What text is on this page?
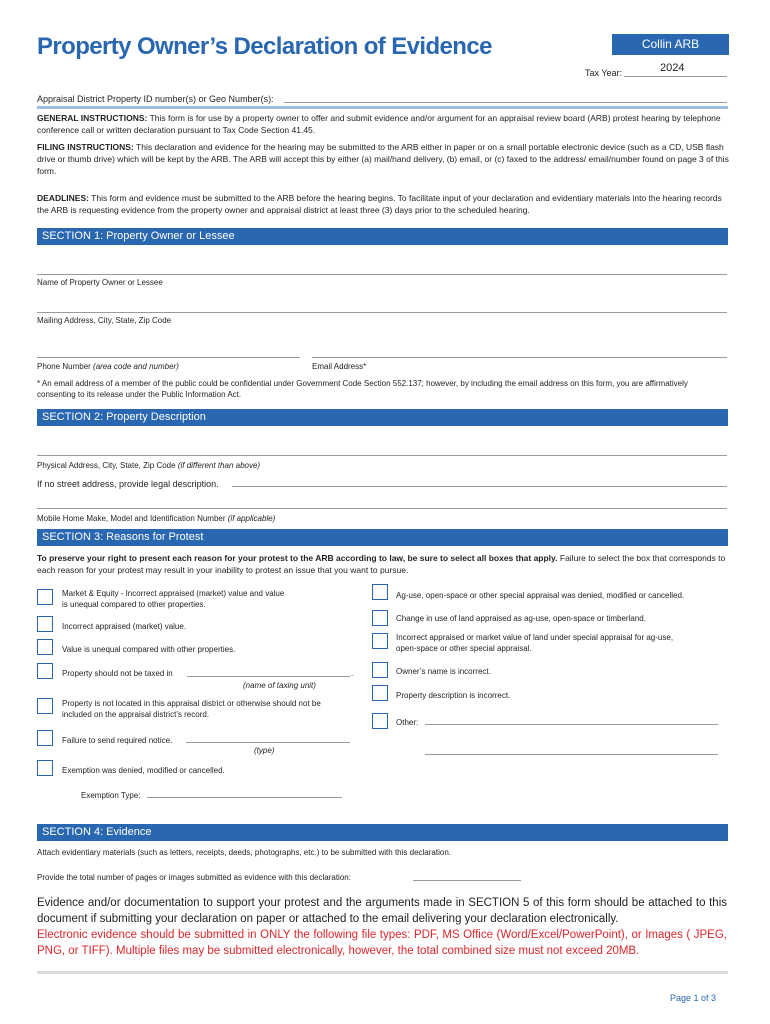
Property Owner’s Declaration of Evidence	Collin ARB
Tax Year:	2024
Appraisal District Property ID number(s) or Geo Number(s):
GENERAL INSTRUCTIONS: This form is for use by a property owner to offer and submit evidence and/or argument for an appraisal review board (ARB) protest hearing by telephone conference call or written declaration pursuant to Tax Code Section 41.45.
FILING INSTRUCTIONS: This declaration and evidence for the hearing may be submitted to the ARB either in paper or on a small portable electronic device (such as a CD, USB flash drive or thumb drive) which will be kept by the ARB. The ARB will accept this by either (a) mail/hand delivery, (b) email, or (c) faxed to the address/ email/number found on page 3 of this form.
DEADLINES: This form and evidence must be submitted to the ARB before the hearing begins. To facilitate input of your declaration and evidentiary materials into the hearing records the ARB is requesting evidence from the property owner and appraisal district at least three (3) days prior to the scheduled hearing.
SECTION 1: Property Owner or Lessee
Name of Property Owner or Lessee
Mailing Address, City, State, Zip Code
Phone Number (area code and number)	Email Address*
* An email address of a member of the public could be confidential under Government Code Section 552.137; however, by including the email address on this form, you are affirmatively consenting to its release under the Public Information Act.
SECTION 2: Property Description
Physical Address, City, State, Zip Code (if different than above)
If no street address, provide legal description.
Mobile Home Make, Model and Identification Number (if applicable)
SECTION 3: Reasons for Protest
To preserve your right to present each reason for your protest to the ARB according to law, be sure to select all boxes that apply. Failure to select the box that corresponds to each reason for your protest may result in your inability to protest an issue that you want to pursue.
Market & Equity - Incorrect appraised (market) value and value is unequal compared to other properties.
Incorrect appraised (market) value.
Value is unequal compared with other properties.
Property should not be taxed in	.
(name of taxing unit)
Property is not located in this appraisal district or otherwise should not be included on the appraisal district’s record.
Failure to send required notice.
(type)
Exemption was denied, modified or cancelled.
Exemption Type:
Ag-use, open-space or other special appraisal was denied, modified or cancelled.
Change in use of land appraised as ag-use, open-space or timberland.
Incorrect appraised or market value of land under special appraisal for ag-use, open-space or other special appraisal.
Owner’s name is incorrect.
Property description is incorrect.
Other:
SECTION 4: Evidence
Attach evidentiary materials (such as letters, receipts, deeds, photographs, etc.) to be submitted with this declaration.
Provide the total number of pages or images submitted as evidence with this declaration:
Evidence and/or documentation to support your protest and the arguments made in SECTION 5 of this form should be attached to this document if submitting your declaration on paper or attached to the email delivering your declaration electronically.
Electronic evidence should be submitted in ONLY the following file types: PDF, MS Office (Word/Excel/PowerPoint), or Images ( JPEG, PNG, or TIFF). Multiple files may be submitted electronically, however, the total combined size must not exceed 20MB.
Page 1 of 3
